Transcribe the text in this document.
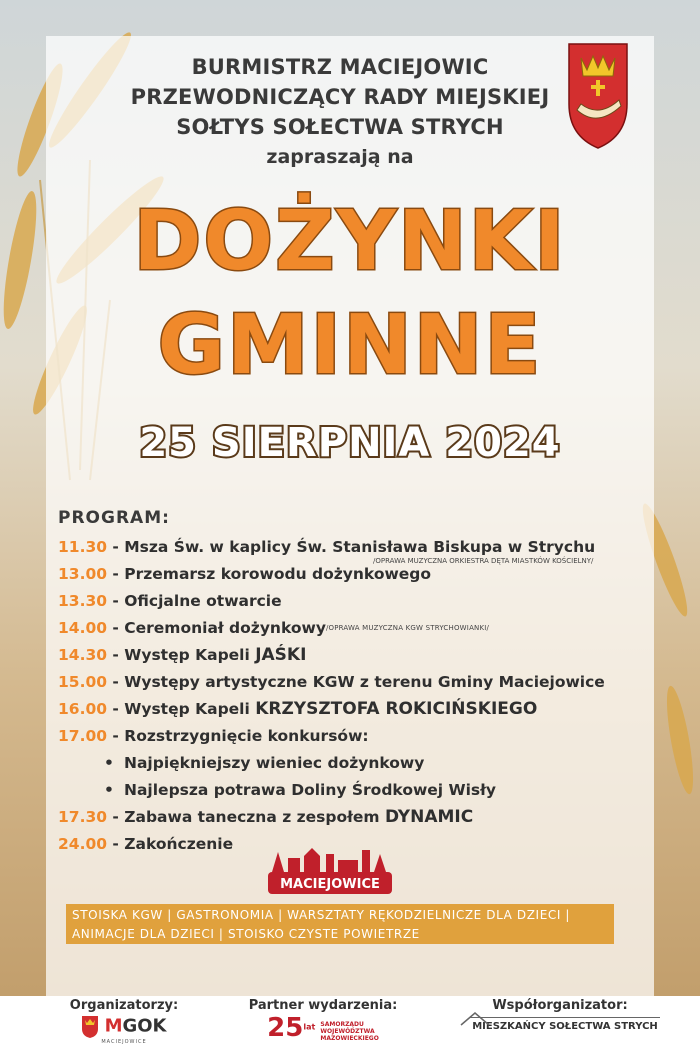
BURMISTRZ MACIEJOWIC
PRZEWODNICZĄCY RADY MIEJSKIEJ
SOŁTYS SOŁECTWA STRYCH
zapraszają na
DOŻYNKI
GMINNE
25 SIERPNIA 2024
PROGRAM:
11.30 - Msza Św. w kaplicy Św. Stanisława Biskupa w Strychu
/OPRAWA MUZYCZNA ORKIESTRA DĘTA MIASTKÓW KOŚCIELNY/
13.00 - Przemarsz korowodu dożynkowego
13.30 - Oficjalne otwarcie
14.00 - Ceremoniał dożynkowy$^{/OPRAWA MUZYCZNA KGW STRYCHOWIANKI/}$
14.30 - Występ Kapeli JAŚKI
15.00 - Występy artystyczne KGW z terenu Gminy Maciejowice
16.00 - Występ Kapeli KRZYSZTOFA ROKICIŃSKIEGO
17.00 - Rozstrzygnięcie konkursów:
• Najpiękniejszy wieniec dożynkowy
• Najlepsza potrawa Doliny Środkowej Wisły
17.30 - Zabawa taneczna z zespołem DYNAMIC
24.00 - Zakończenie
MACIEJOWICE
STOISKA KGW | GASTRONOMIA | WARSZTATY RĘKODZIELNICZE DLA DZIECI |
ANIMACJE DLA DZIECI | STOISKO CZYSTE POWIETRZE
Organizatorzy:
MGOK
MACIEJOWICE
Partner wydarzenia:
$25^{lat}$ SAMORZĄDU
WOJEWÓDZTWA
MAZOWIECKIEGO
Współorganizator:
MIESZKAŃCY SOŁECTWA STRYCH
